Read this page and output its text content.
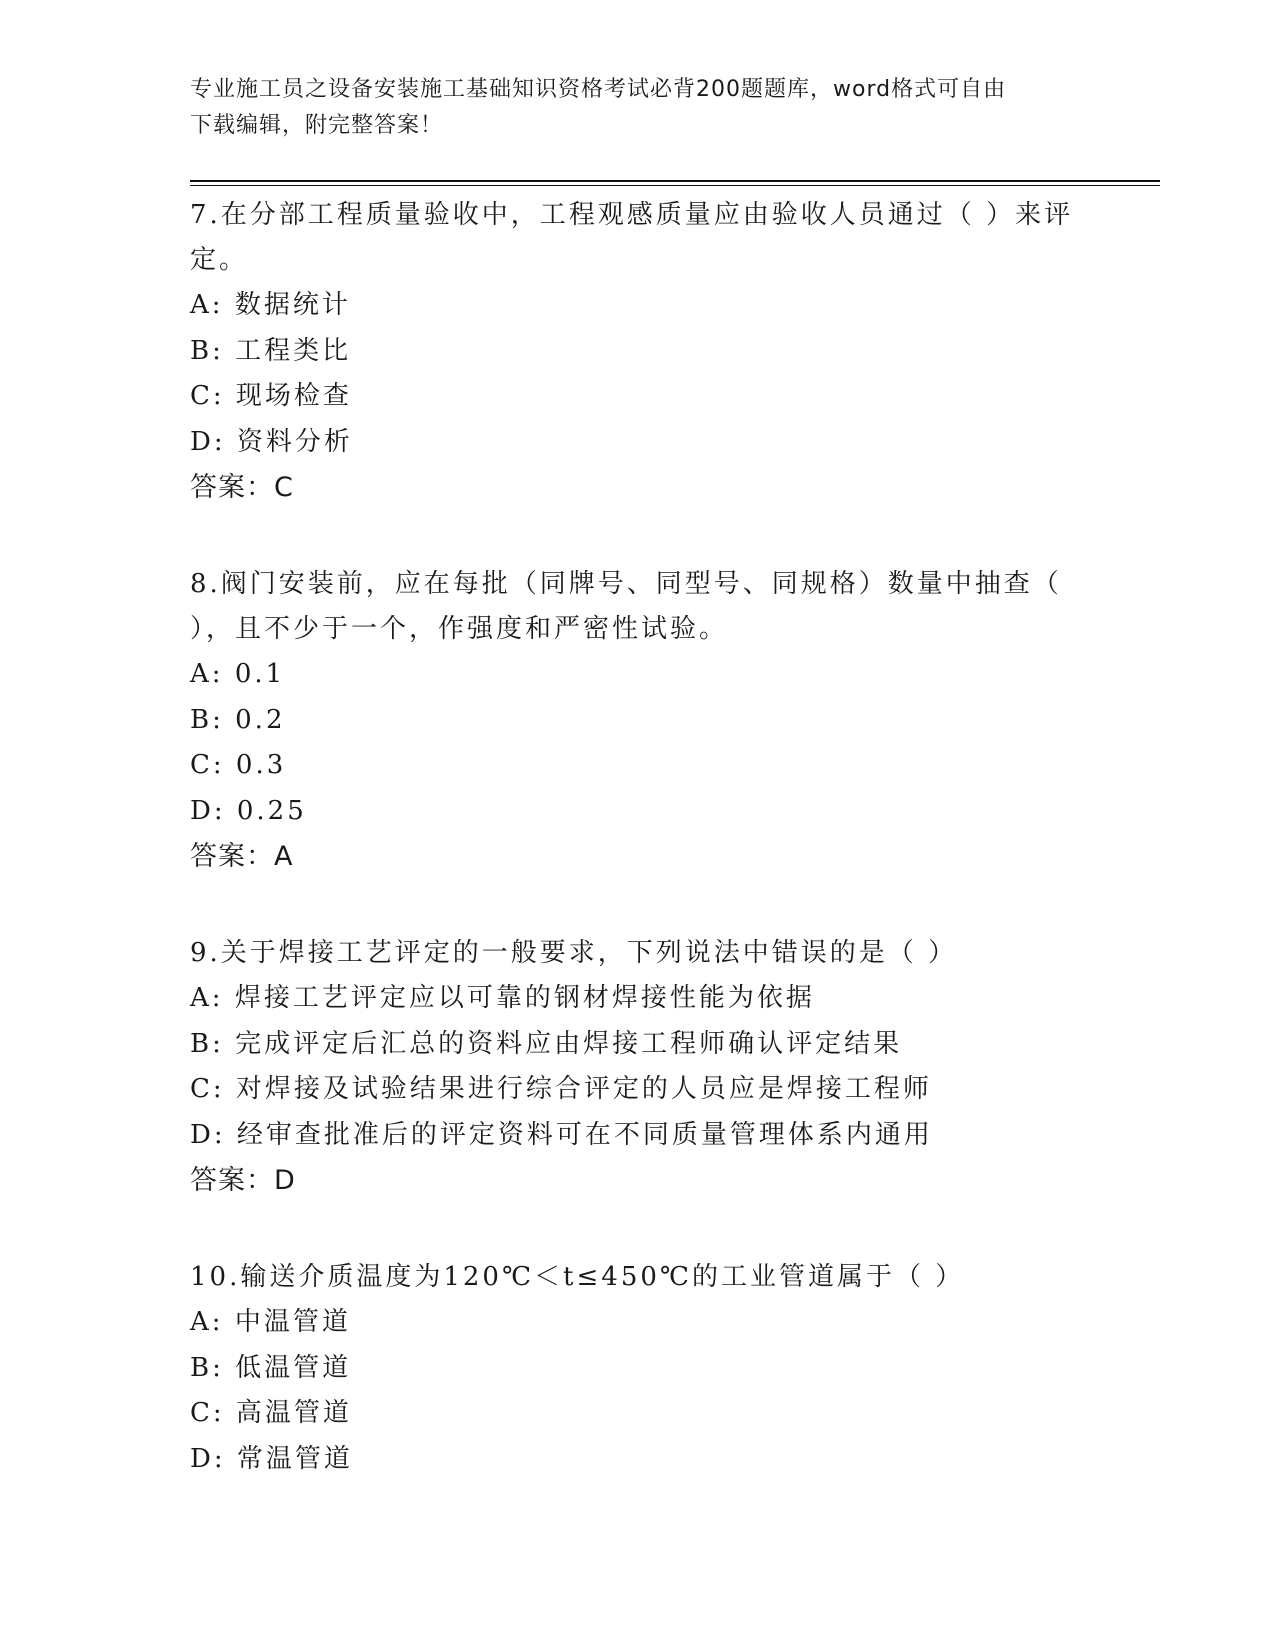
专业施工员之设备安装施工基础知识资格考试必背200题题库，word格式可自由
下载编辑，附完整答案！
7.在分部工程质量验收中，工程观感质量应由验收人员通过（ ）来评
定。
A: 数据统计
B: 工程类比
C: 现场检查
D: 资料分析
答案：C
8.阀门安装前，应在每批（同牌号、同型号、同规格）数量中抽查（
），且不少于一个，作强度和严密性试验。
A: 0.1
B: 0.2
C: 0.3
D: 0.25
答案：A
9.关于焊接工艺评定的一般要求，下列说法中错误的是（ ）
A: 焊接工艺评定应以可靠的钢材焊接性能为依据
B: 完成评定后汇总的资料应由焊接工程师确认评定结果
C: 对焊接及试验结果进行综合评定的人员应是焊接工程师
D: 经审查批准后的评定资料可在不同质量管理体系内通用
答案：D
10.输送介质温度为120℃＜t≤450℃的工业管道属于（ ）
A: 中温管道
B: 低温管道
C: 高温管道
D: 常温管道
